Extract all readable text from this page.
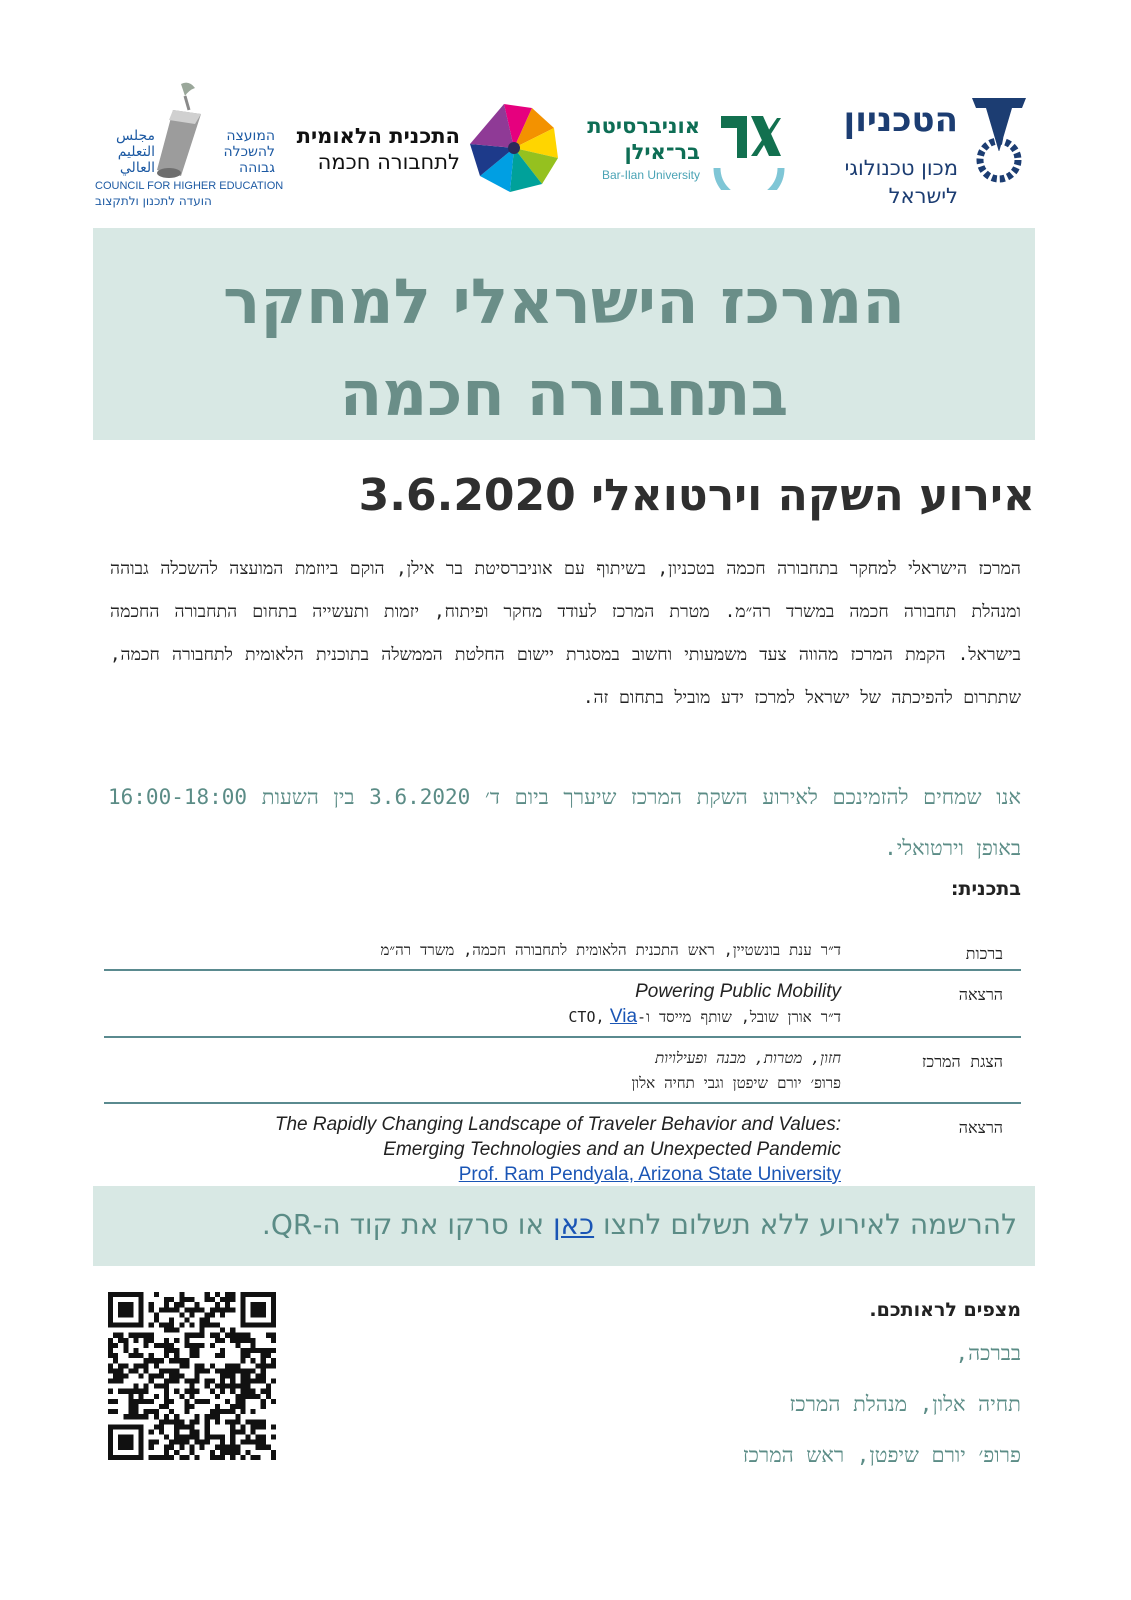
הטכניון
מכון טכנולוגי
לישראל
אוניברסיטת
בר־אילן
Bar-Ilan University
התכנית הלאומית
לתחבורה חכמה
המועצה להשכלה גבוהה
مجلس التعليم العالي
COUNCIL FOR HIGHER EDUCATION
הועדה לתכנון ולתקצוב
המרכז הישראלי למחקר
בתחבורה חכמה
אירוע השקה וירטואלי 3.6.2020
המרכז הישראלי למחקר בתחבורה חכמה בטכניון, בשיתוף עם אוניברסיטת בר אילן, הוקם ביוזמת המועצה להשכלה גבוהה ומנהלת תחבורה חכמה במשרד רה״מ. מטרת המרכז לעודד מחקר ופיתוח, יזמות ותעשייה בתחום התחבורה החכמה בישראל. הקמת המרכז מהווה צעד משמעותי וחשוב במסגרת יישום החלטת הממשלה בתוכנית הלאומית לתחבורה חכמה, שתתרום להפיכתה של ישראל למרכז ידע מוביל בתחום זה.
אנו שמחים להזמינכם לאירוע השקת המרכז שיערך ביום ד׳ 3.6.2020 בין השעות 16:00-18:00 באופן וירטואלי.
בתכנית:
ברכות
ד״ר ענת בונשטיין, ראש התכנית הלאומית לתחבורה חכמה, משרד רה״מ
הרצאה
Powering Public Mobility
ד״ר אורן שובל, שותף מייסד ו-CTO, Via
הצגת המרכז
חזון, מטרות, מבנה ופעילויות
פרופ׳ יורם שיפטן וגבי תחיה אלון
הרצאה
The Rapidly Changing Landscape of Traveler Behavior and Values:
Emerging Technologies and an Unexpected Pandemic
Prof. Ram Pendyala, Arizona State University
להרשמה לאירוע ללא תשלום לחצו כאן או סרקו את קוד ה-QR.
מצפים לראותכם.
בברכה,
תחיה אלון, מנהלת המרכז
פרופ׳ יורם שיפטן, ראש המרכז
